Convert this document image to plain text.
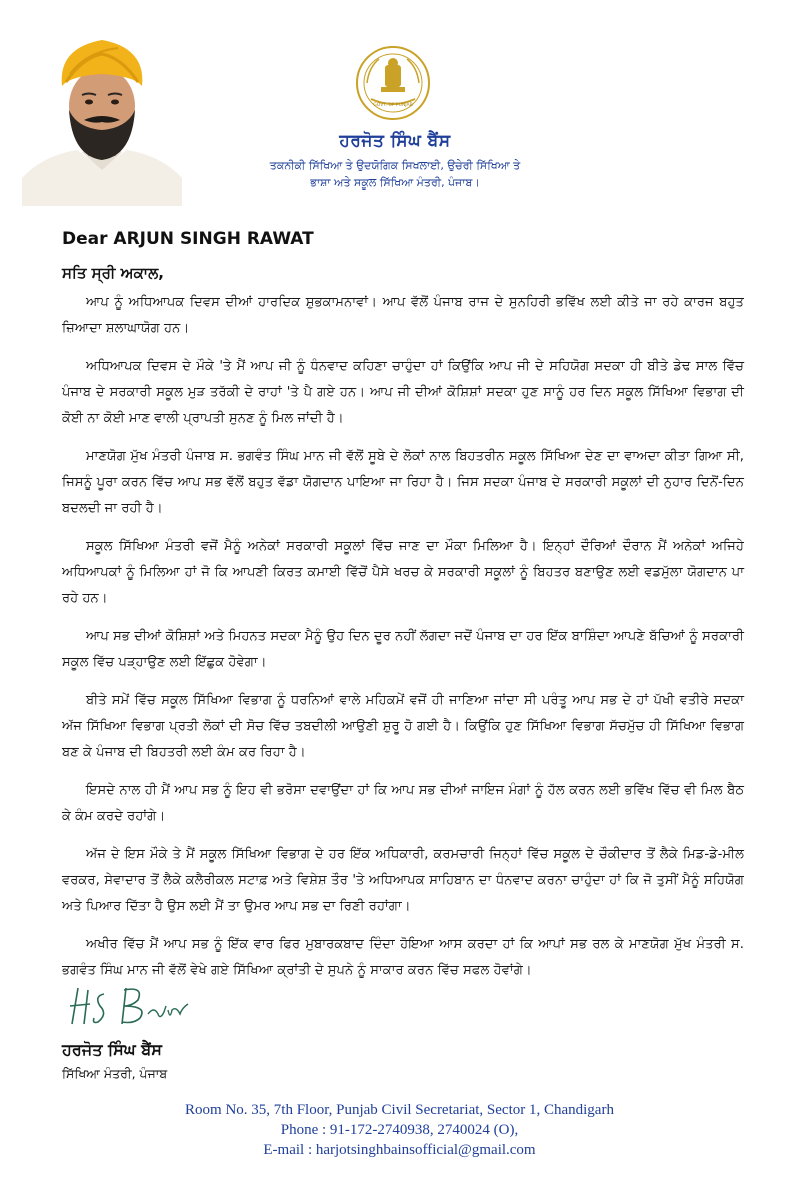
GOVT. OF PUNJAB
ਹਰਜੋਤ ਸਿੰਘ ਬੈਂਸ
ਤਕਨੀਕੀ ਸਿੱਖਿਆ ਤੇ ਉਦਯੋਗਿਕ ਸਿਖਲਾਈ, ਉਚੇਰੀ ਸਿੱਖਿਆ ਤੇ
ਭਾਸ਼ਾ ਅਤੇ ਸਕੂਲ ਸਿੱਖਿਆ ਮੰਤਰੀ, ਪੰਜਾਬ।
Dear ARJUN SINGH RAWAT
ਸਤਿ ਸ੍ਰੀ ਅਕਾਲ,

ਆਪ ਨੂੰ ਅਧਿਆਪਕ ਦਿਵਸ ਦੀਆਂ ਹਾਰਦਿਕ ਸ਼ੁਭਕਾਮਨਾਵਾਂ। ਆਪ ਵੱਲੋਂ ਪੰਜਾਬ ਰਾਜ ਦੇ ਸੁਨਹਿਰੀ ਭਵਿੱਖ ਲਈ ਕੀਤੇ ਜਾ ਰਹੇ ਕਾਰਜ ਬਹੁਤ ਜ਼ਿਆਦਾ ਸ਼ਲਾਘਾਯੋਗ ਹਨ।

ਅਧਿਆਪਕ ਦਿਵਸ ਦੇ ਮੌਕੇ 'ਤੇ ਮੈਂ ਆਪ ਜੀ ਨੂੰ ਧੰਨਵਾਦ ਕਹਿਣਾ ਚਾਹੁੰਦਾ ਹਾਂ ਕਿਉਂਕਿ ਆਪ ਜੀ ਦੇ ਸਹਿਯੋਗ ਸਦਕਾ ਹੀ ਬੀਤੇ ਡੇਢ ਸਾਲ ਵਿੱਚ ਪੰਜਾਬ ਦੇ ਸਰਕਾਰੀ ਸਕੂਲ ਮੁੜ ਤਰੱਕੀ ਦੇ ਰਾਹਾਂ 'ਤੇ ਪੈ ਗਏ ਹਨ। ਆਪ ਜੀ ਦੀਆਂ ਕੋਸ਼ਿਸ਼ਾਂ ਸਦਕਾ ਹੁਣ ਸਾਨੂੰ ਹਰ ਦਿਨ ਸਕੂਲ ਸਿੱਖਿਆ ਵਿਭਾਗ ਦੀ ਕੋਈ ਨਾ ਕੋਈ ਮਾਣ ਵਾਲੀ ਪ੍ਰਾਪਤੀ ਸੁਨਣ ਨੂੰ ਮਿਲ ਜਾਂਦੀ ਹੈ।

ਮਾਣਯੋਗ ਮੁੱਖ ਮੰਤਰੀ ਪੰਜਾਬ ਸ. ਭਗਵੰਤ ਸਿੰਘ ਮਾਨ ਜੀ ਵੱਲੋਂ ਸੂਬੇ ਦੇ ਲੋਕਾਂ ਨਾਲ ਬਿਹਤਰੀਨ ਸਕੂਲ ਸਿੱਖਿਆ ਦੇਣ ਦਾ ਵਾਅਦਾ ਕੀਤਾ ਗਿਆ ਸੀ, ਜਿਸਨੂੰ ਪੂਰਾ ਕਰਨ ਵਿੱਚ ਆਪ ਸਭ ਵੱਲੋਂ ਬਹੁਤ ਵੱਡਾ ਯੋਗਦਾਨ ਪਾਇਆ ਜਾ ਰਿਹਾ ਹੈ। ਜਿਸ ਸਦਕਾ ਪੰਜਾਬ ਦੇ ਸਰਕਾਰੀ ਸਕੂਲਾਂ ਦੀ ਨੁਹਾਰ ਦਿਨੋਂ-ਦਿਨ ਬਦਲਦੀ ਜਾ ਰਹੀ ਹੈ।

ਸਕੂਲ ਸਿੱਖਿਆ ਮੰਤਰੀ ਵਜੋਂ ਮੈਨੂੰ ਅਨੇਕਾਂ ਸਰਕਾਰੀ ਸਕੂਲਾਂ ਵਿੱਚ ਜਾਣ ਦਾ ਮੌਕਾ ਮਿਲਿਆ ਹੈ। ਇਨ੍ਹਾਂ ਦੌਰਿਆਂ ਦੌਰਾਨ ਮੈਂ ਅਨੇਕਾਂ ਅਜਿਹੇ ਅਧਿਆਪਕਾਂ ਨੂੰ ਮਿਲਿਆ ਹਾਂ ਜੋ ਕਿ ਆਪਣੀ ਕਿਰਤ ਕਮਾਈ ਵਿੱਚੋਂ ਪੈਸੇ ਖਰਚ ਕੇ ਸਰਕਾਰੀ ਸਕੂਲਾਂ ਨੂੰ ਬਿਹਤਰ ਬਣਾਉਣ ਲਈ ਵਡਮੁੱਲਾ ਯੋਗਦਾਨ ਪਾ ਰਹੇ ਹਨ।

ਆਪ ਸਭ ਦੀਆਂ ਕੋਸ਼ਿਸ਼ਾਂ ਅਤੇ ਮਿਹਨਤ ਸਦਕਾ ਮੈਨੂੰ ਉਹ ਦਿਨ ਦੂਰ ਨਹੀਂ ਲੱਗਦਾ ਜਦੋਂ ਪੰਜਾਬ ਦਾ ਹਰ ਇੱਕ ਬਾਸ਼ਿੰਦਾ ਆਪਣੇ ਬੱਚਿਆਂ ਨੂੰ ਸਰਕਾਰੀ ਸਕੂਲ ਵਿੱਚ ਪੜ੍ਹਾਉਣ ਲਈ ਇੱਛੁਕ ਹੋਵੇਗਾ।

ਬੀਤੇ ਸਮੇਂ ਵਿੱਚ ਸਕੂਲ ਸਿੱਖਿਆ ਵਿਭਾਗ ਨੂੰ ਧਰਨਿਆਂ ਵਾਲੇ ਮਹਿਕਮੇਂ ਵਜੋਂ ਹੀ ਜਾਣਿਆ ਜਾਂਦਾ ਸੀ ਪਰੰਤੂ ਆਪ ਸਭ ਦੇ ਹਾਂ ਪੱਖੀ ਵਤੀਰੇ ਸਦਕਾ ਅੱਜ ਸਿੱਖਿਆ ਵਿਭਾਗ ਪ੍ਰਤੀ ਲੋਕਾਂ ਦੀ ਸੋਚ ਵਿੱਚ ਤਬਦੀਲੀ ਆਉਣੀ ਸ਼ੁਰੂ ਹੋ ਗਈ ਹੈ। ਕਿਉਂਕਿ ਹੁਣ ਸਿੱਖਿਆ ਵਿਭਾਗ ਸੱਚਮੁੱਚ ਹੀ ਸਿੱਖਿਆ ਵਿਭਾਗ ਬਣ ਕੇ ਪੰਜਾਬ ਦੀ ਬਿਹਤਰੀ ਲਈ ਕੰਮ ਕਰ ਰਿਹਾ ਹੈ।

ਇਸਦੇ ਨਾਲ ਹੀ ਮੈਂ ਆਪ ਸਭ ਨੂੰ ਇਹ ਵੀ ਭਰੋਸਾ ਦਵਾਉਂਦਾ ਹਾਂ ਕਿ ਆਪ ਸਭ ਦੀਆਂ ਜਾਇਜ ਮੰਗਾਂ ਨੂੰ ਹੱਲ ਕਰਨ ਲਈ ਭਵਿੱਖ ਵਿੱਚ ਵੀ ਮਿਲ ਬੈਠ ਕੇ ਕੰਮ ਕਰਦੇ ਰਹਾਂਗੇ।

ਅੱਜ ਦੇ ਇਸ ਮੌਕੇ ਤੇ ਮੈਂ ਸਕੂਲ ਸਿੱਖਿਆ ਵਿਭਾਗ ਦੇ ਹਰ ਇੱਕ ਅਧਿਕਾਰੀ, ਕਰਮਚਾਰੀ ਜਿਨ੍ਹਾਂ ਵਿੱਚ ਸਕੂਲ ਦੇ ਚੌਕੀਦਾਰ ਤੋਂ ਲੈਕੇ ਮਿਡ-ਡੇ-ਮੀਲ ਵਰਕਰ, ਸੇਵਾਦਾਰ ਤੋਂ ਲੈਕੇ ਕਲੈਰੀਕਲ ਸਟਾਫ਼ ਅਤੇ ਵਿਸ਼ੇਸ਼ ਤੌਰ 'ਤੇ ਅਧਿਆਪਕ ਸਾਹਿਬਾਨ ਦਾ ਧੰਨਵਾਦ ਕਰਨਾ ਚਾਹੁੰਦਾ ਹਾਂ ਕਿ ਜੋ ਤੁਸੀਂ ਮੈਨੂੰ ਸਹਿਯੋਗ ਅਤੇ ਪਿਆਰ ਦਿੱਤਾ ਹੈ ਉਸ ਲਈ ਮੈਂ ਤਾ ਉਮਰ ਆਪ ਸਭ ਦਾ ਰਿਣੀ ਰਹਾਂਗਾ।

ਅਖੀਰ ਵਿੱਚ ਮੈਂ ਆਪ ਸਭ ਨੂੰ ਇੱਕ ਵਾਰ ਫਿਰ ਮੁਬਾਰਕਬਾਦ ਦਿੰਦਾ ਹੋਇਆ ਆਸ ਕਰਦਾ ਹਾਂ ਕਿ ਆਪਾਂ ਸਭ ਰਲ ਕੇ ਮਾਣਯੋਗ ਮੁੱਖ ਮੰਤਰੀ ਸ. ਭਗਵੰਤ ਸਿੰਘ ਮਾਨ ਜੀ ਵੱਲੋਂ ਵੇਖੇ ਗਏ ਸਿੱਖਿਆ ਕ੍ਰਾਂਤੀ ਦੇ ਸੁਪਨੇ ਨੂੰ ਸਾਕਾਰ ਕਰਨ ਵਿੱਚ ਸਫਲ ਹੋਵਾਂਗੇ।

ਹਰਜੋਤ ਸਿੰਘ ਬੈਂਸ
ਸਿੱਖਿਆ ਮੰਤਰੀ, ਪੰਜਾਬ
Room No. 35, 7th Floor, Punjab Civil Secretariat, Sector 1, Chandigarh
Phone : 91-172-2740938, 2740024 (O),
E-mail : harjotsinghbainsofficial@gmail.com
